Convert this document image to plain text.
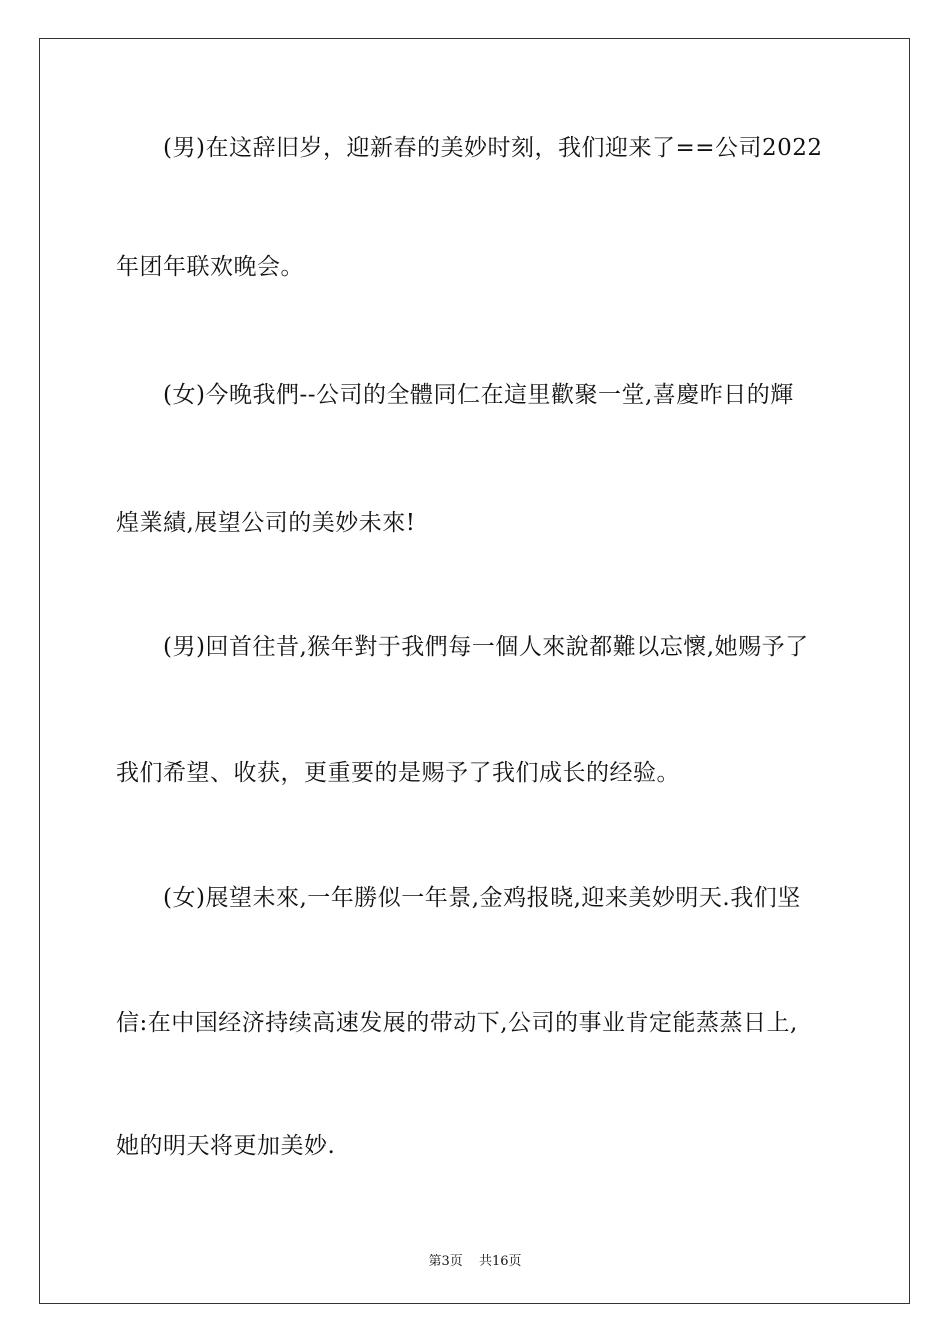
　　(男)在这辞旧岁，迎新春的美妙时刻，我们迎来了==公司2022

年团年联欢晚会。

　　(女)今晚我們--公司的全體同仁在這里歡聚一堂,喜慶昨日的輝

煌業績,展望公司的美妙未來!

　　(男)回首往昔,猴年對于我們每一個人來說都難以忘懷,她赐予了

我们希望、收获，更重要的是赐予了我们成长的经验。

　　(女)展望未來,一年勝似一年景,金鸡报晓,迎来美妙明天.我们坚

信:在中国经济持续高速发展的带动下,公司的事业肯定能蒸蒸日上,

她的明天将更加美妙.

第3页 共16页
